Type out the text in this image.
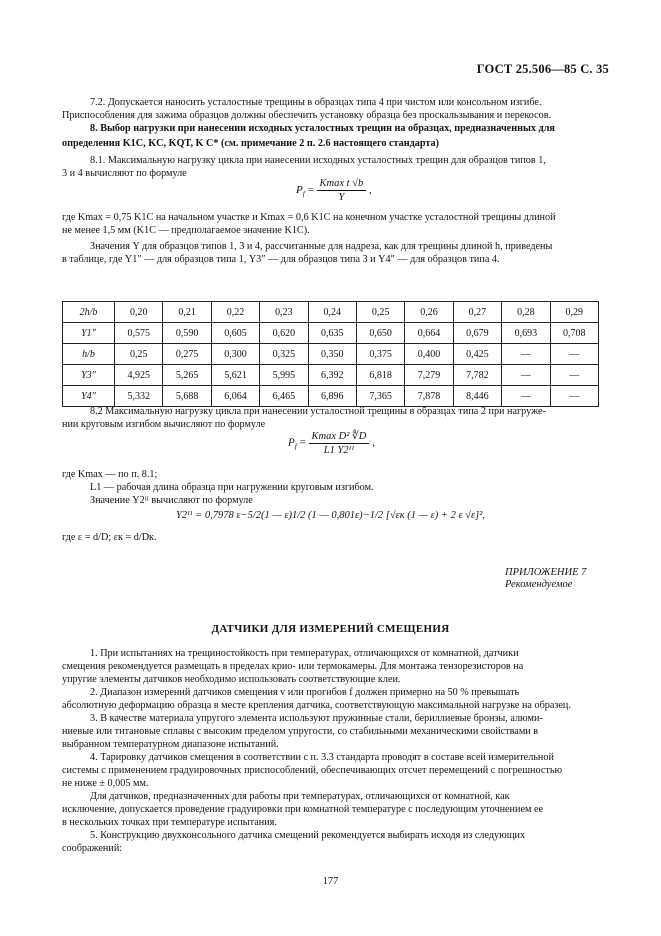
ГОСТ 25.506—85 С. 35
7.2. Допускается наносить усталостные трещины в образцах типа 4 при чистом или консольном изгибе.
Приспособления для зажима образцов должны обеспечить установку образца без проскальзывания и перекосов.
8. Выбор нагрузки при нанесении исходных усталостных трещин на образцах, предназначенных для
определения K1C, KC, KQT, K C* (см. примечание 2 п. 2.6 настоящего стандарта)
8.1. Максимальную нагрузку цикла при нанесении исходных усталостных трещин для образцов типов 1,
3 и 4 вычисляют по формуле
$P_f = \frac{\text{Kmax t √b}}{Y}$ ,
где Kmax = 0,75 K1C на начальном участке и Kmax = 0,6 K1C на конечном участке усталостной трещины длиной
не менее 1,5 мм (K1C — предполагаемое значение K1C).
Значения Y для образцов типов 1, 3 и 4, рассчитанные для надреза, как для трещины длиной h, приведены
в таблице, где Y1″ — для образцов типа 1, Y3″ — для образцов типа 3 и Y4″ — для образцов типа 4.
2h/b	0,20	0,21	0,22	0,23	0,24	0,25	0,26	0,27	0,28	0,29
Y1″	0,575	0,590	0,605	0,620	0,635	0,650	0,664	0,679	0,693	0,708
h/b	0,25	0,275	0,300	0,325	0,350	0,375	0,400	0,425	—	—
Y3″	4,925	5,265	5,621	5,995	6,392	6,818	7,279	7,782	—	—
Y4″	5,332	5,688	6,064	6,465	6,896	7,365	7,878	8,446	—	—
8.2 Максимальную нагрузку цикла при нанесении усталостной трещины в образцах типа 2 при нагруже-
нии круговым изгибом вычисляют по формуле
$P_f = \frac{\text{Kmax D² ∜D}}{\text{L1 Y2ᴵᴵ}}$ ,
где Kmax — по п. 8.1;
L1 — рабочая длина образца при нагружении круговым изгибом.
Значение Y2ᴵᴵ вычисляют по формуле
Y2ᴵᴵ = 0,7978 ε−5/2(1 — ε)1/2 (1 — 0,801ε)−1/2 [√εк (1 — ε) + 2 ε √ε]²,
где ε = d/D; εк = d/Dк.
ПРИЛОЖЕНИЕ 7
Рекомендуемое
ДАТЧИКИ ДЛЯ ИЗМЕРЕНИЙ СМЕЩЕНИЯ
1. При испытаниях на трещиностойкость при температурах, отличающихся от комнатной, датчики
смещения рекомендуется размещать в пределах крио- или термокамеры. Для монтажа тензорезисторов на
упругие элементы датчиков необходимо использовать соответствующие клеи.
2. Диапазон измерений датчиков смещения v или прогибов f должен примерно на 50 % превышать
абсолютную деформацию образца в месте крепления датчика, соответствующую максимальной нагрузке на образец.
3. В качестве материала упругого элемента используют пружинные стали, бериллиевые бронзы, алюми-
ниевые или титановые сплавы с высоким пределом упругости, со стабильными механическими свойствами в
выбранном температурном диапазоне испытаний.
4. Тарировку датчиков смещения в соответствии с п. 3.3 стандарта проводят в составе всей измерительной
системы с применением градуировочных приспособлений, обеспечивающих отсчет перемещений с погрешностью
не ниже ± 0,005 мм.
Для датчиков, предназначенных для работы при температурах, отличающихся от комнатной, как
исключение, допускается проведение градуировки при комнатной температуре с последующим уточнением ее
в нескольких точках при температуре испытания.
5. Конструкцию двухконсольного датчика смещений рекомендуется выбирать исходя из следующих
соображений:
177
